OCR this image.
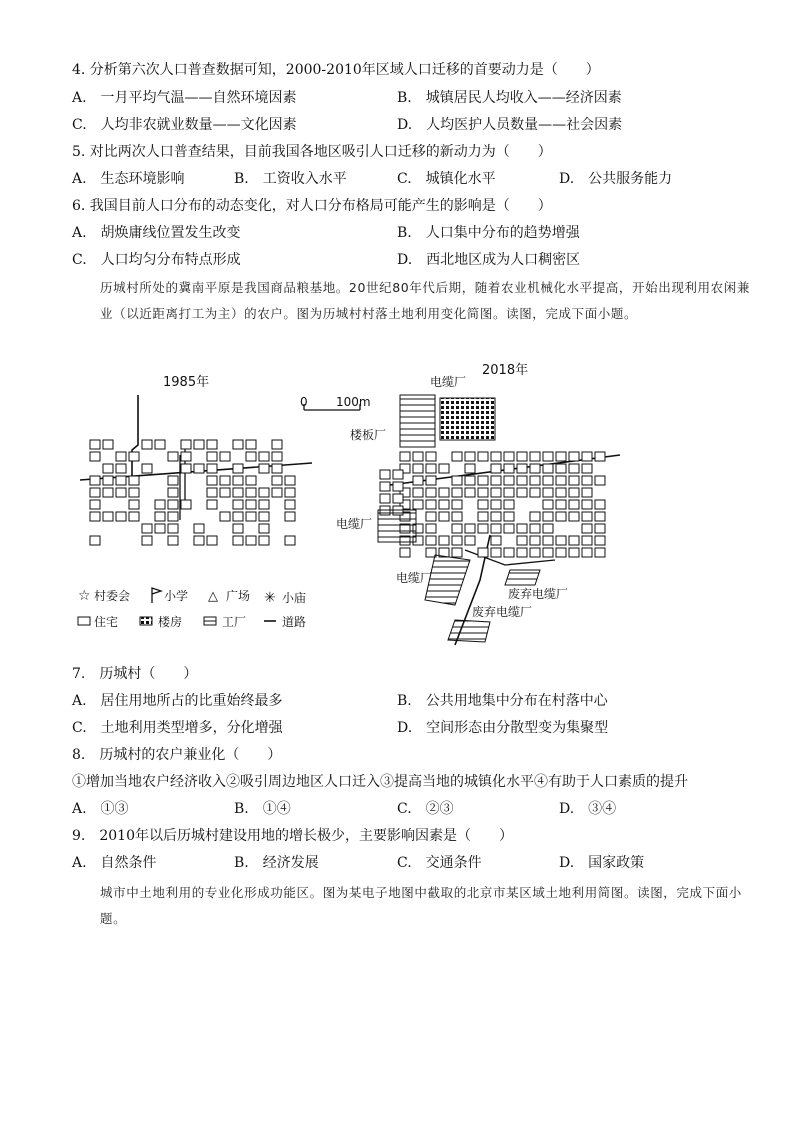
4. 分析第六次人口普查数据可知，2000-2010年区域人口迁移的首要动力是（　　）
A.　一月平均气温——自然环境因素	B.　城镇居民人均收入——经济因素
C.　人均非农就业数量——文化因素	D.　人均医护人员数量——社会因素
5. 对比两次人口普查结果，目前我国各地区吸引人口迁移的新动力为（　　）
A.　生态环境影响	B.　工资收入水平	C.　城镇化水平	D.　公共服务能力
6. 我国目前人口分布的动态变化，对人口分布格局可能产生的影响是（　　）
A.　胡焕庸线位置发生改变	B.　人口集中分布的趋势增强
C.　人口均匀分布特点形成	D.　西北地区成为人口稠密区
历城村所处的冀南平原是我国商品粮基地。20世纪80年代后期，随着农业机械化水平提高，开始出现利用农闲兼业（以近距离打工为主）的农户。图为历城村村落土地利用变化简图。读图，完成下面小题。
1985年
0 100m
2018年
电缆厂
楼板厂
电缆厂
电缆厂
废弃电缆厂
废弃电缆厂
☆ 村委会	小学 △ 广场 ✳ 小庙
住宅	楼房	工厂	道路
7.　历城村（　　）
A.　居住用地所占的比重始终最多	B.　公共用地集中分布在村落中心
C.　土地利用类型增多，分化增强	D.　空间形态由分散型变为集聚型
8.　历城村的农户兼业化（　　）
①增加当地农户经济收入②吸引周边地区人口迁入③提高当地的城镇化水平④有助于人口素质的提升
A.　①③	B.　①④	C.　②③	D.　③④
9.　2010年以后历城村建设用地的增长极少，主要影响因素是（　　）
A.　自然条件	B.　经济发展	C.　交通条件	D.　国家政策
城市中土地利用的专业化形成功能区。图为某电子地图中截取的北京市某区域土地利用简图。读图，完成下面小题。
